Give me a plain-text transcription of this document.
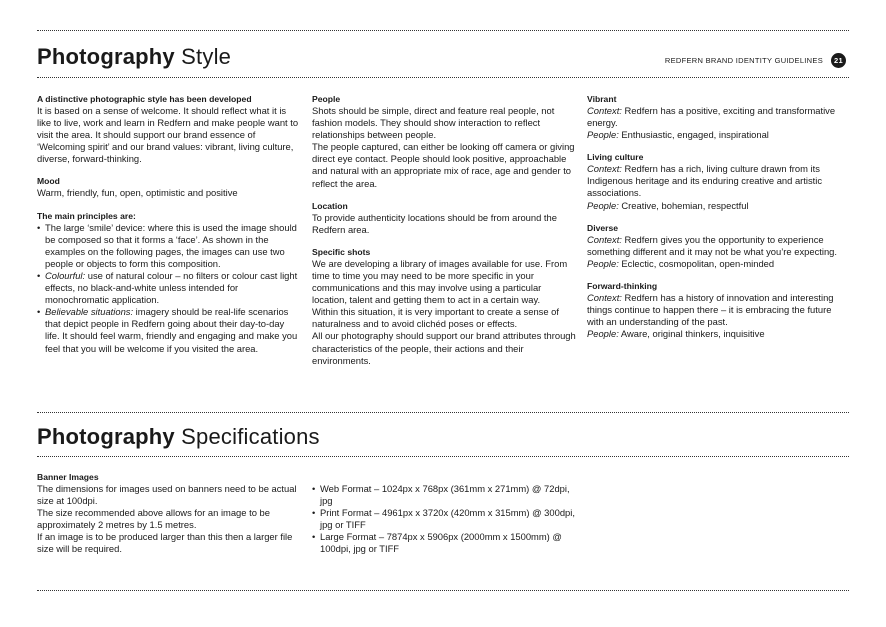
Photography Style	REDFERN BRAND IDENTITY GUIDELINES	21
A distinctive photographic style has been developed

It is based on a sense of welcome. It should reflect what it is like to live, work and learn in Redfern and make people want to visit the area. It should support our brand essence of ‘Welcoming spirit’ and our brand values: vibrant, living culture, diverse, forward-thinking.

Mood

Warm, friendly, fun, open, optimistic and positive

The main principles are:
• The large ‘smile’ device: where this is used the image should be composed so that it forms a ‘face’. As shown in the examples on the following pages, the images can use two people or objects to form this composition.
• Colourful: use of natural colour – no filters or colour cast light effects, no black-and-white unless intended for monochromatic application.
• Believable situations: imagery should be real-life scenarios that depict people in Redfern going about their day-to-day life. It should feel warm, friendly and engaging and make you feel that you will be welcome if you visited the area.
People

Shots should be simple, direct and feature real people, not fashion models. They should show interaction to reflect relationships between people.

The people captured, can either be looking off camera or giving direct eye contact. People should look positive, approachable and natural with an appropriate mix of race, age and gender to reflect the area.

Location

To provide authenticity locations should be from around the Redfern area.

Specific shots

We are developing a library of images available for use. From time to time you may need to be more specific in your communications and this may involve using a particular location, talent and getting them to act in a certain way.

Within this situation, it is very important to create a sense of naturalness and to avoid clichéd poses or effects.

All our photography should support our brand attributes through characteristics of the people, their actions and their environments.

Vibrant

Context: Redfern has a positive, exciting and transformative energy.

People: Enthusiastic, engaged, inspirational

Living culture

Context: Redfern has a rich, living culture drawn from its Indigenous heritage and its enduring creative and artistic associations.

People: Creative, bohemian, respectful

Diverse

Context: Redfern gives you the opportunity to experience something different and it may not be what you’re expecting.

People: Eclectic, cosmopolitan, open-minded

Forward-thinking

Context: Redfern has a history of innovation and interesting things continue to happen there – it is embracing the future with an understanding of the past.

People: Aware, original thinkers, inquisitive

Photography Specifications
Banner Images

The dimensions for images used on banners need to be actual size at 100dpi.

The size recommended above allows for an image to be approximately 2 metres by 1.5 metres.

If an image is to be produced larger than this then a larger file size will be required.

• Web Format – 1024px x 768px (361mm x 271mm) @ 72dpi, jpg
• Print Format – 4961px x 3720x (420mm x 315mm) @ 300dpi, jpg or TIFF
• Large Format – 7874px x 5906px (2000mm x 1500mm) @ 100dpi, jpg or TIFF
